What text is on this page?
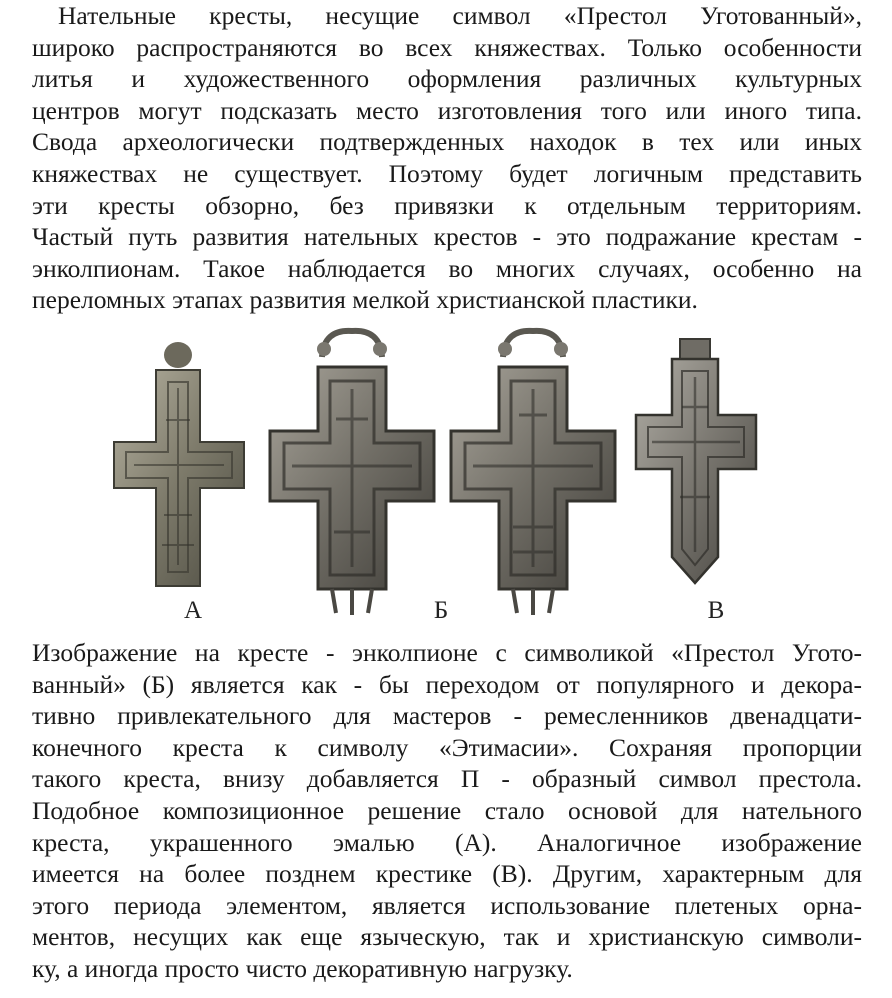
Нательные кресты, несущие символ «Престол Уготованный»,
широко распространяются во всех княжествах. Только особенности
литья и художественного оформления различных культурных
центров могут подсказать место изготовления того или иного типа.
Свода археологически подтвержденных находок в тех или иных
княжествах не существует. Поэтому будет логичным представить
эти кресты обзорно, без привязки к отдельным территориям.
Частый путь развития нательных крестов - это подражание крестам -
энколпионам. Такое наблюдается во многих случаях, особенно на
переломных этапах развития мелкой христианской пластики.
А	Б	В
Изображение на кресте - энколпионе с символикой «Престол Угото-
ванный» (Б) является как - бы переходом от популярного и декора-
тивно привлекательного для мастеров - ремесленников двенадцати-
конечного креста к символу «Этимасии». Сохраняя пропорции
такого креста, внизу добавляется П - образный символ престола.
Подобное композиционное решение стало основой для нательного
креста, украшенного эмалью (А). Аналогичное изображение
имеется на более позднем крестике (В). Другим, характерным для
этого периода элементом, является использование плетеных орна-
ментов, несущих как еще языческую, так и христианскую символи-
ку, а иногда просто чисто декоративную нагрузку.
